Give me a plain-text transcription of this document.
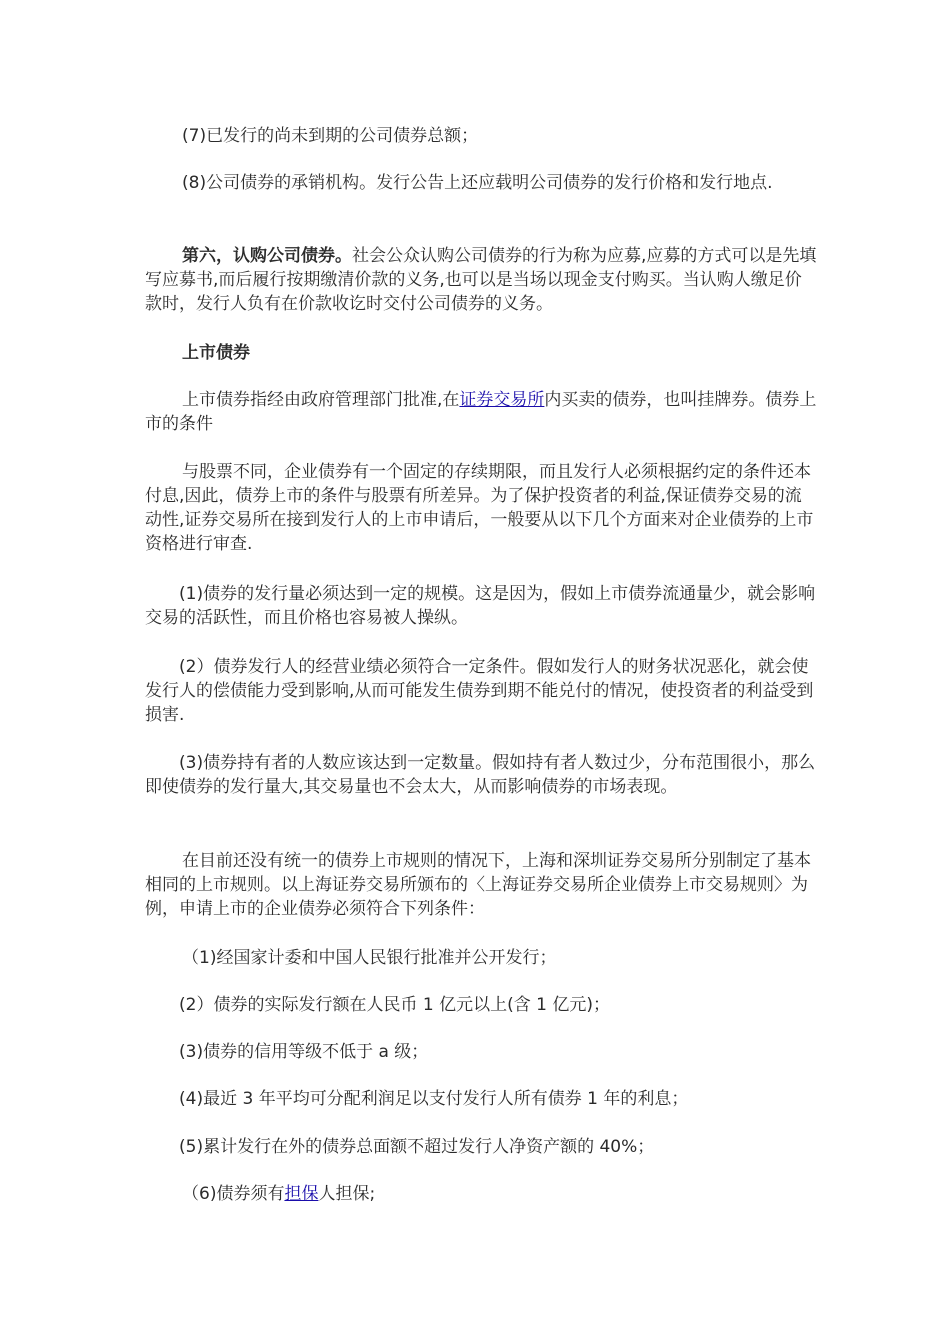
(7)已发行的尚未到期的公司债券总额；

(8)公司债券的承销机构。发行公告上还应载明公司债券的发行价格和发行地点.

第六，认购公司债券。社会公众认购公司债券的行为称为应募,应募的方式可以是先填写应募书,而后履行按期缴清价款的义务,也可以是当场以现金支付购买。当认购人缴足价款时，发行人负有在价款收讫时交付公司债券的义务。

上市债券

上市债券指经由政府管理部门批准,在证券交易所内买卖的债券，也叫挂牌券。债券上市的条件

与股票不同，企业债券有一个固定的存续期限，而且发行人必须根据约定的条件还本付息,因此，债券上市的条件与股票有所差异。为了保护投资者的利益,保证债券交易的流动性,证券交易所在接到发行人的上市申请后，一般要从以下几个方面来对企业债券的上市资格进行审查.

(1)债券的发行量必须达到一定的规模。这是因为，假如上市债券流通量少，就会影响交易的活跃性，而且价格也容易被人操纵。

(2）债券发行人的经营业绩必须符合一定条件。假如发行人的财务状况恶化，就会使发行人的偿债能力受到影响,从而可能发生债券到期不能兑付的情况，使投资者的利益受到损害.

(3)债券持有者的人数应该达到一定数量。假如持有者人数过少，分布范围很小，那么即使债券的发行量大,其交易量也不会太大，从而影响债券的市场表现。

在目前还没有统一的债券上市规则的情况下，上海和深圳证券交易所分别制定了基本相同的上市规则。以上海证券交易所颁布的〈上海证券交易所企业债券上市交易规则〉为例，申请上市的企业债券必须符合下列条件：

（1)经国家计委和中国人民银行批准并公开发行；

(2）债券的实际发行额在人民币 1 亿元以上(含 1 亿元)；

(3)债券的信用等级不低于 a 级；

(4)最近 3 年平均可分配利润足以支付发行人所有债券 1 年的利息；

(5)累计发行在外的债券总面额不超过发行人净资产额的 40%；

（6)债券须有担保人担保;
